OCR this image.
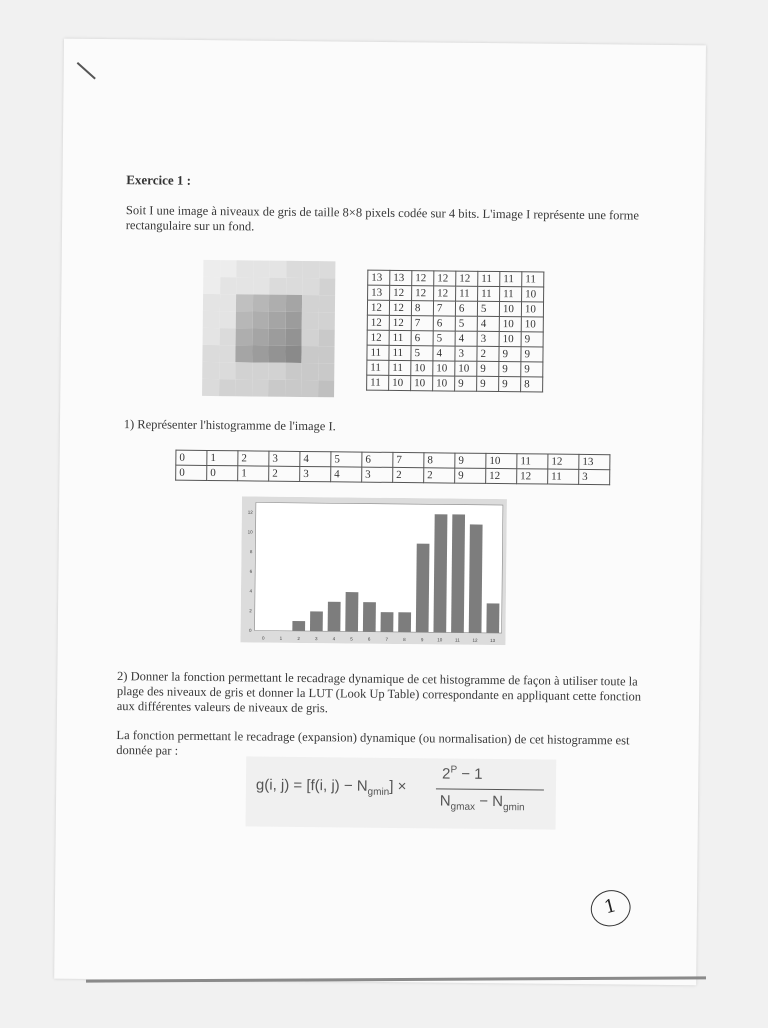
Exercice 1 :
Soit I une image à niveaux de gris de taille 8×8 pixels codée sur 4 bits. L'image I représente une forme
rectangulaire sur un fond.
13	13	12	12	12	11	11	11
13	12	12	12	11	11	11	10
12	12	8	7	6	5	10	10
12	12	7	6	5	4	10	10
12	11	6	5	4	3	10	9
11	11	5	4	3	2	9	9
11	11	10	10	10	9	9	9
11	10	10	10	9	9	9	8
1) Représenter l'histogramme de l'image I.
0	1	2	3	4	5	6	7	8	9	10	11	12	13
0	0	1	2	3	4	3	2	2	9	12	12	11	3
0	1	2	3	4	5	6	7	8	9	10	11	12	13
0
2
4
6
8
10
12
2) Donner la fonction permettant le recadrage dynamique de cet histogramme de façon à utiliser toute la
plage des niveaux de gris et donner la LUT (Look Up Table) correspondante en appliquant cette fonction
aux différentes valeurs de niveaux de gris.
La fonction permettant le recadrage (expansion) dynamique (ou normalisation) de cet histogramme est
donnée par :
g(i, j) = [f(i, $j) - N_{gmin}$] ×
$2^P - 1$
$N_{gmax} - N_{gmin}$
1
